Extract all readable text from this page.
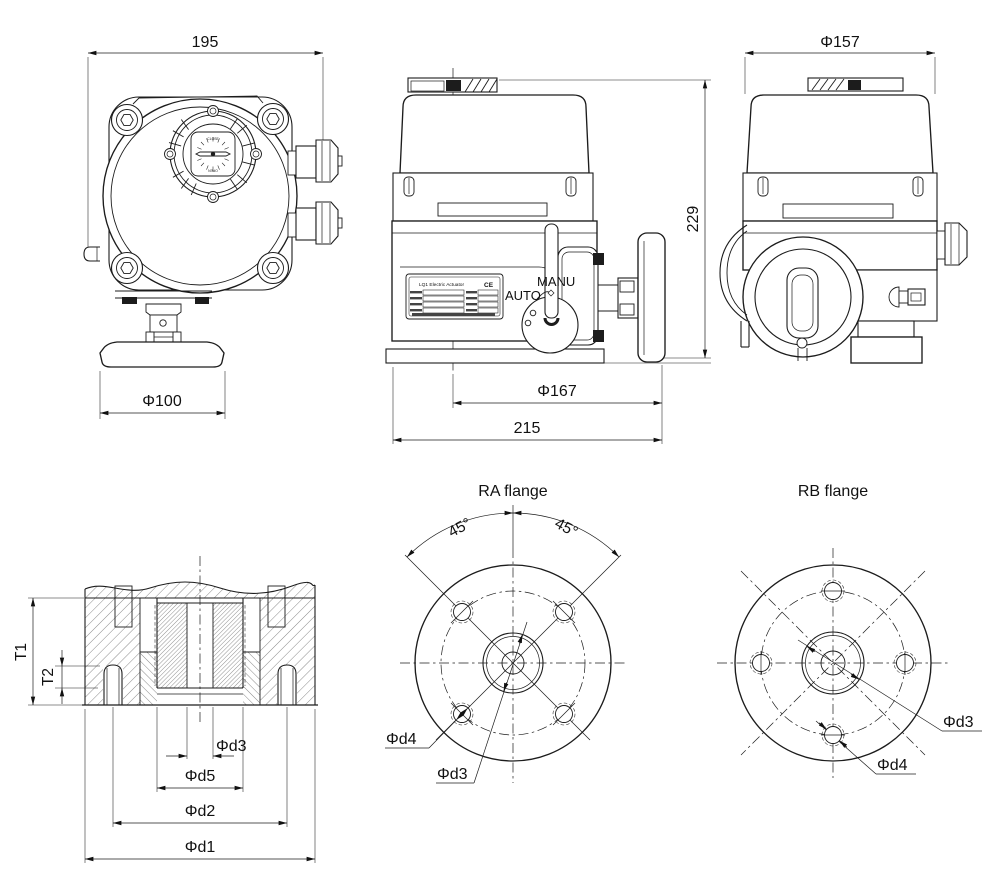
195
CLOSE
OPEN
Φ100
LQ1 Electric Actuator	CE	MANU
AUTO
Φ167
215
229
Φ157
T1
T2
Φd3
Φd5
Φd2
Φd1
RA flange
45°	45°
Φd4
Φd3
RB flange
Φd3
Φd4
